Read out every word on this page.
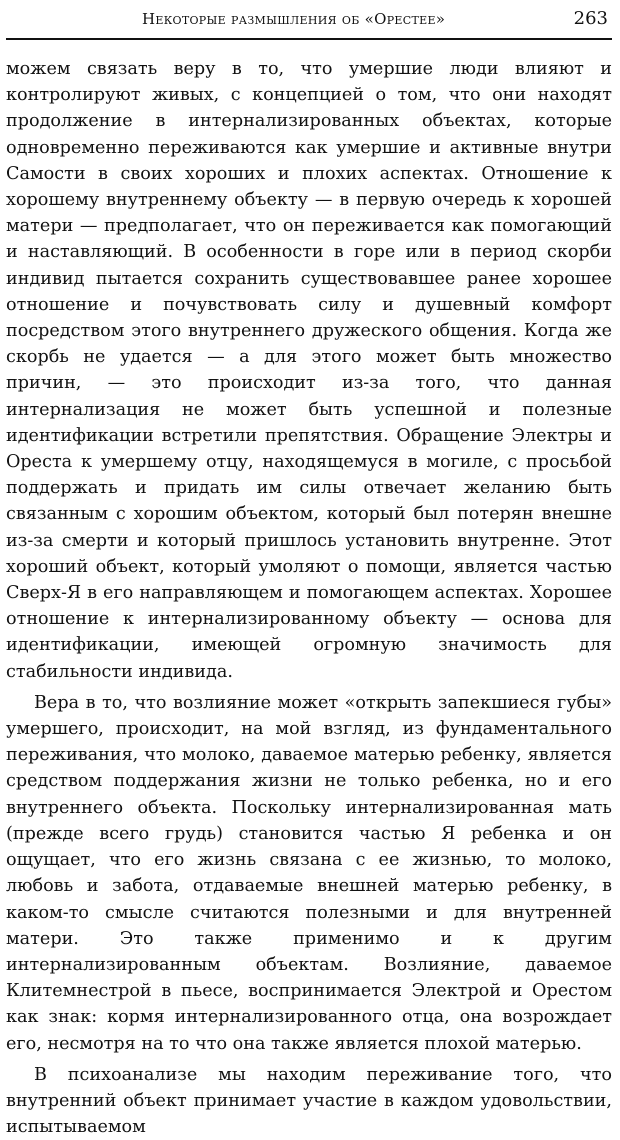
Некоторые размышления об «Орестее»	263

можем связать веру в то, что умершие люди влияют и контролируют живых, с концепцией о том, что они находят продолжение в интернализированных объектах, которые одновременно переживаются как умершие и активные внутри Самости в своих хороших и плохих аспектах. Отношение к хорошему внутреннему объекту — в первую очередь к хорошей матери — предполагает, что он переживается как помогающий и наставляющий. В особенности в горе или в период скорби индивид пытается сохранить существовавшее ранее хорошее отношение и почувствовать силу и душевный комфорт посредством этого внутреннего дружеского общения. Когда же скорбь не удается — а для этого может быть множество причин, — это происходит из-за того, что данная интернализация не может быть успешной и полезные идентификации встретили препятствия. Обращение Электры и Ореста к умершему отцу, находящемуся в могиле, с просьбой поддержать и придать им силы отвечает желанию быть связанным с хорошим объектом, который был потерян внешне из-за смерти и который пришлось установить внутренне. Этот хороший объект, который умоляют о помощи, является частью Сверх-Я в его направляющем и помогающем аспектах. Хорошее отношение к интернализированному объекту — основа для идентификации, имеющей огромную значимость для стабильности индивида.

Вера в то, что возлияние может «открыть запекшиеся губы» умершего, происходит, на мой взгляд, из фундаментального переживания, что молоко, даваемое матерью ребенку, является средством поддержания жизни не только ребенка, но и его внутреннего объекта. Поскольку интернализированная мать (прежде всего грудь) становится частью Я ребенка и он ощущает, что его жизнь связана с ее жизнью, то молоко, любовь и забота, отдаваемые внешней матерью ребенку, в каком-то смысле считаются полезными и для внутренней матери. Это также применимо и к другим интернализированным объектам. Возлияние, даваемое Клитемнестрой в пьесе, воспринимается Электрой и Орестом как знак: кормя интернализированного отца, она возрождает его, несмотря на то что она также является плохой матерью.

В психоанализе мы находим переживание того, что внутренний объект принимает участие в каждом удовольствии, испытываемом
